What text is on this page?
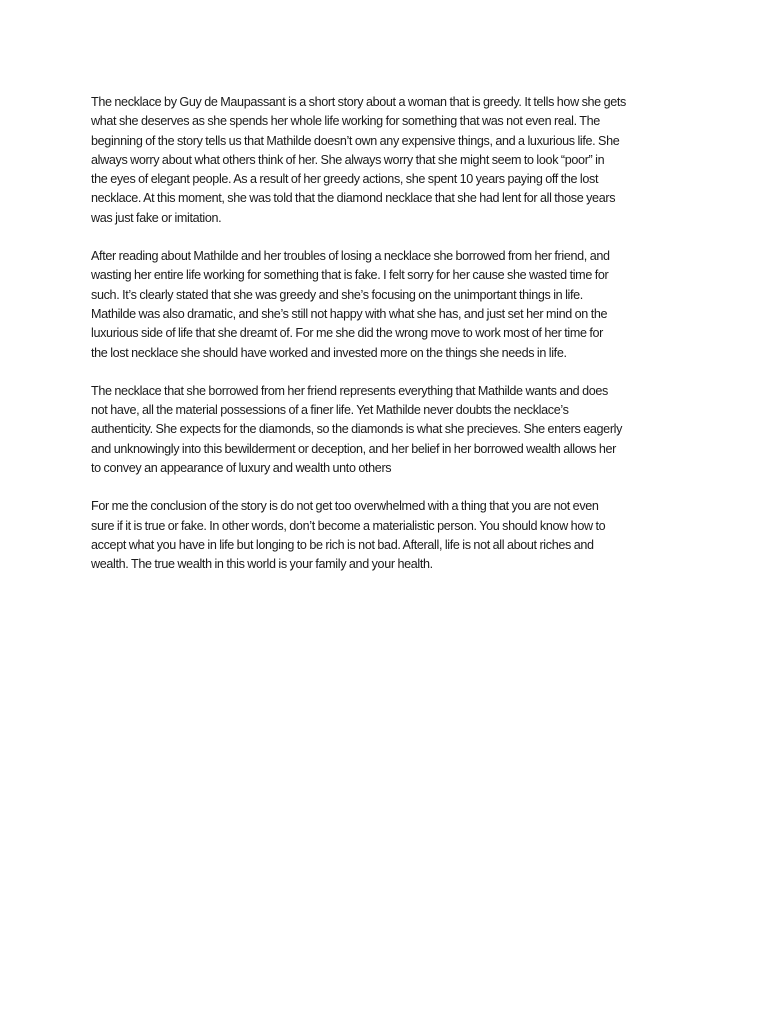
The necklace by Guy de Maupassant is a short story about a woman that is greedy. It tells how she gets
what she deserves as she spends her whole life working for something that was not even real. The
beginning of the story tells us that Mathilde doesn’t own any expensive things, and a luxurious life. She
always worry about what others think of her. She always worry that she might seem to look “poor” in
the eyes of elegant people. As a result of her greedy actions, she spent 10 years paying off the lost
necklace. At this moment, she was told that the diamond necklace that she had lent for all those years
was just fake or imitation.

After reading about Mathilde and her troubles of losing a necklace she borrowed from her friend, and
wasting her entire life working for something that is fake. I felt sorry for her cause she wasted time for
such. It’s clearly stated that she was greedy and she’s focusing on the unimportant things in life.
Mathilde was also dramatic, and she’s still not happy with what she has, and just set her mind on the
luxurious side of life that she dreamt of. For me she did the wrong move to work most of her time for
the lost necklace she should have worked and invested more on the things she needs in life.

The necklace that she borrowed from her friend represents everything that Mathilde wants and does
not have, all the material possessions of a finer life. Yet Mathilde never doubts the necklace’s
authenticity. She expects for the diamonds, so the diamonds is what she precieves. She enters eagerly
and unknowingly into this bewilderment or deception, and her belief in her borrowed wealth allows her
to convey an appearance of luxury and wealth unto others

For me the conclusion of the story is do not get too overwhelmed with a thing that you are not even
sure if it is true or fake. In other words, don’t become a materialistic person. You should know how to
accept what you have in life but longing to be rich is not bad. Afterall, life is not all about riches and
wealth. The true wealth in this world is your family and your health.
